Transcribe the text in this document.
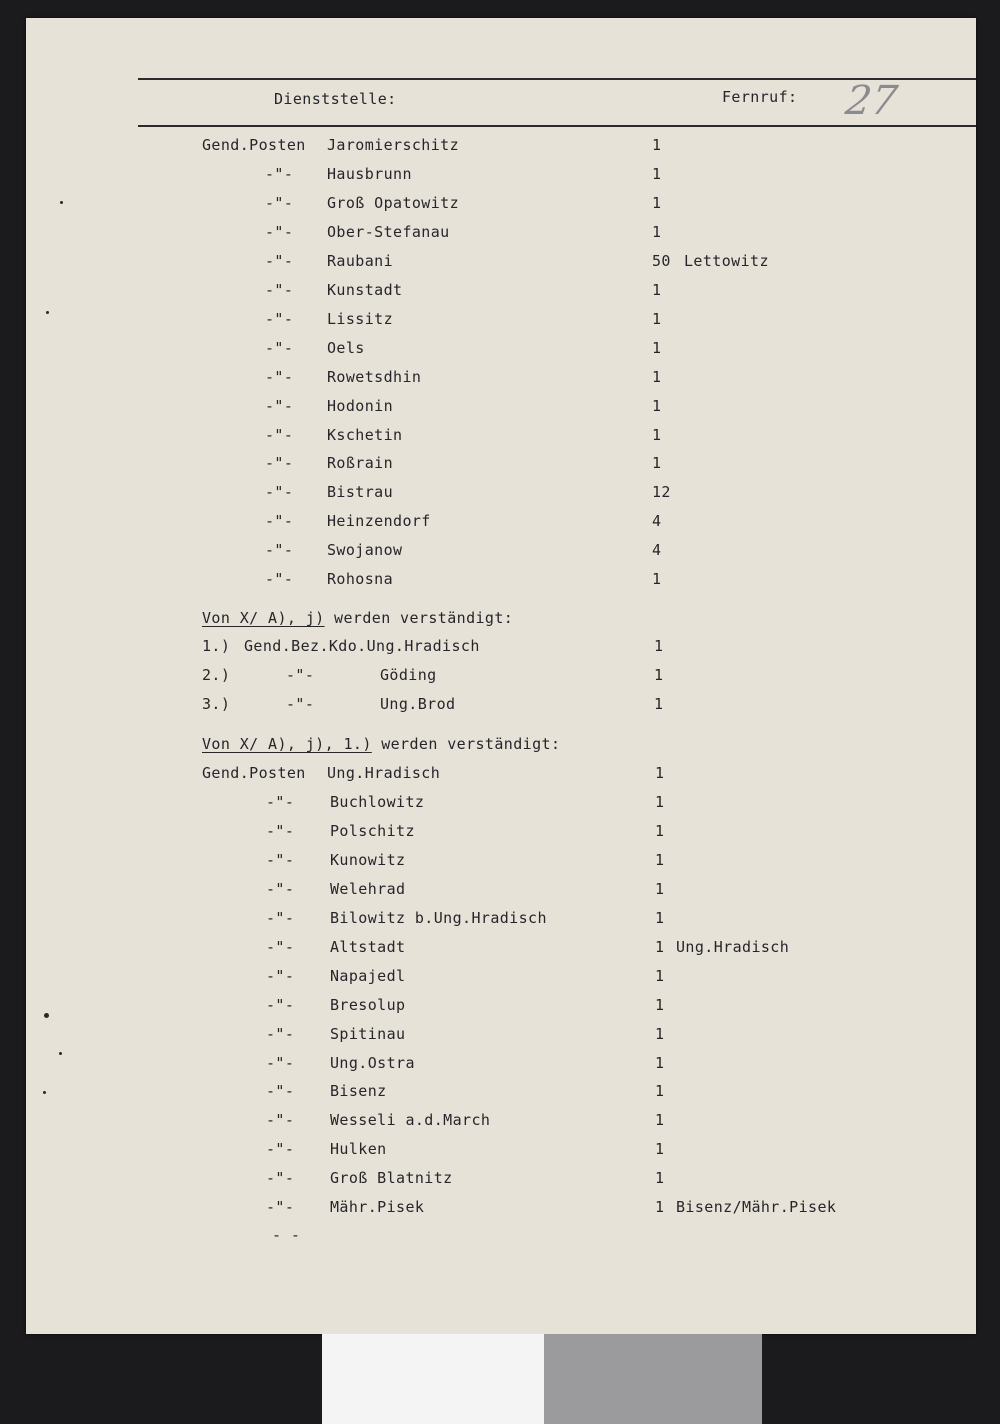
Dienststelle:	Fernruf: 27
Von X/ A), j) werden verständigt:
Von X/ A), j), 1.) werden verständigt:
- -
Gend.Posten Jaromierschitz	1
-"- Hausbrunn	1
-"- Groß Opatowitz	1
-"- Ober-Stefanau	1
-"- Raubani	50 Lettowitz
-"- Kunstadt	1
-"- Lissitz	1
-"- Oels	1
-"- Rowetsdhin	1
-"- Hodonin	1
-"- Kschetin	1
-"- Roßrain	1
-"- Bistrau	12
-"- Heinzendorf	4
-"- Swojanow	4
-"- Rohosna	1
1.) Gend.Bez.Kdo.Ung.Hradisch	1
2.)	-"-	Göding	1
3.)	-"-	Ung.Brod	1
Gend.Posten Ung.Hradisch	1
-"- Buchlowitz	1
-"- Polschitz	1
-"- Kunowitz	1
-"- Welehrad	1
-"- Bilowitz b.Ung.Hradisch	1
-"- Altstadt	1 Ung.Hradisch
-"- Napajedl	1
-"- Bresolup	1
-"- Spitinau	1
-"- Ung.Ostra	1
-"- Bisenz	1
-"- Wesseli a.d.March	1
-"- Hulken	1
-"- Groß Blatnitz	1
-"- Mähr.Pisek	1 Bisenz/Mähr.Pisek
